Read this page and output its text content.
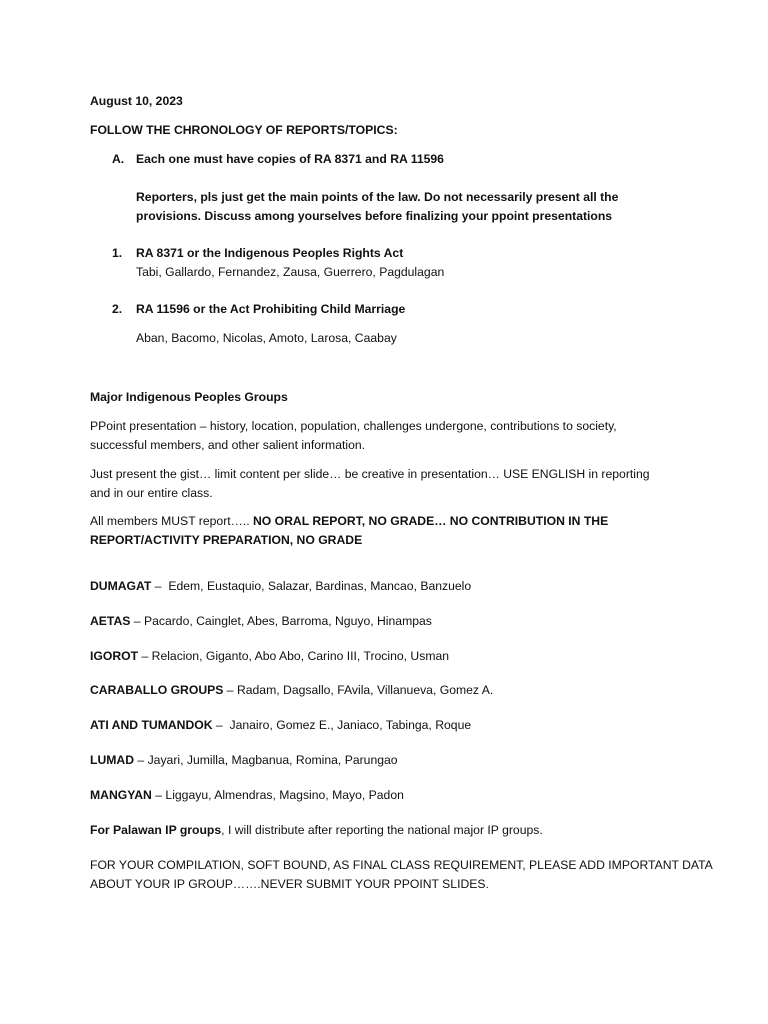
August 10, 2023

FOLLOW THE CHRONOLOGY OF REPORTS/TOPICS:

A. Each one must have copies of RA 8371 and RA 11596

Reporters, pls just get the main points of the law. Do not necessarily present all the

provisions. Discuss among yourselves before finalizing your ppoint presentations

1. RA 8371 or the Indigenous Peoples Rights Act

Tabi, Gallardo, Fernandez, Zausa, Guerrero, Pagdulagan

2. RA 11596 or the Act Prohibiting Child Marriage

Aban, Bacomo, Nicolas, Amoto, Larosa, Caabay

Major Indigenous Peoples Groups

PPoint presentation – history, location, population, challenges undergone, contributions to society,

successful members, and other salient information.

Just present the gist… limit content per slide… be creative in presentation… USE ENGLISH in reporting

and in our entire class.

All members MUST report….. NO ORAL REPORT, NO GRADE… NO CONTRIBUTION IN THE

REPORT/ACTIVITY PREPARATION, NO GRADE

DUMAGAT –  Edem, Eustaquio, Salazar, Bardinas, Mancao, Banzuelo

AETAS – Pacardo, Cainglet, Abes, Barroma, Nguyo, Hinampas

IGOROT – Relacion, Giganto, Abo Abo, Carino III, Trocino, Usman

CARABALLO GROUPS – Radam, Dagsallo, FAvila, Villanueva, Gomez A.

ATI AND TUMANDOK –  Janairo, Gomez E., Janiaco, Tabinga, Roque

LUMAD – Jayari, Jumilla, Magbanua, Romina, Parungao

MANGYAN – Liggayu, Almendras, Magsino, Mayo, Padon

For Palawan IP groups, I will distribute after reporting the national major IP groups.

FOR YOUR COMPILATION, SOFT BOUND, AS FINAL CLASS REQUIREMENT, PLEASE ADD IMPORTANT DATA

ABOUT YOUR IP GROUP…….NEVER SUBMIT YOUR PPOINT SLIDES.
